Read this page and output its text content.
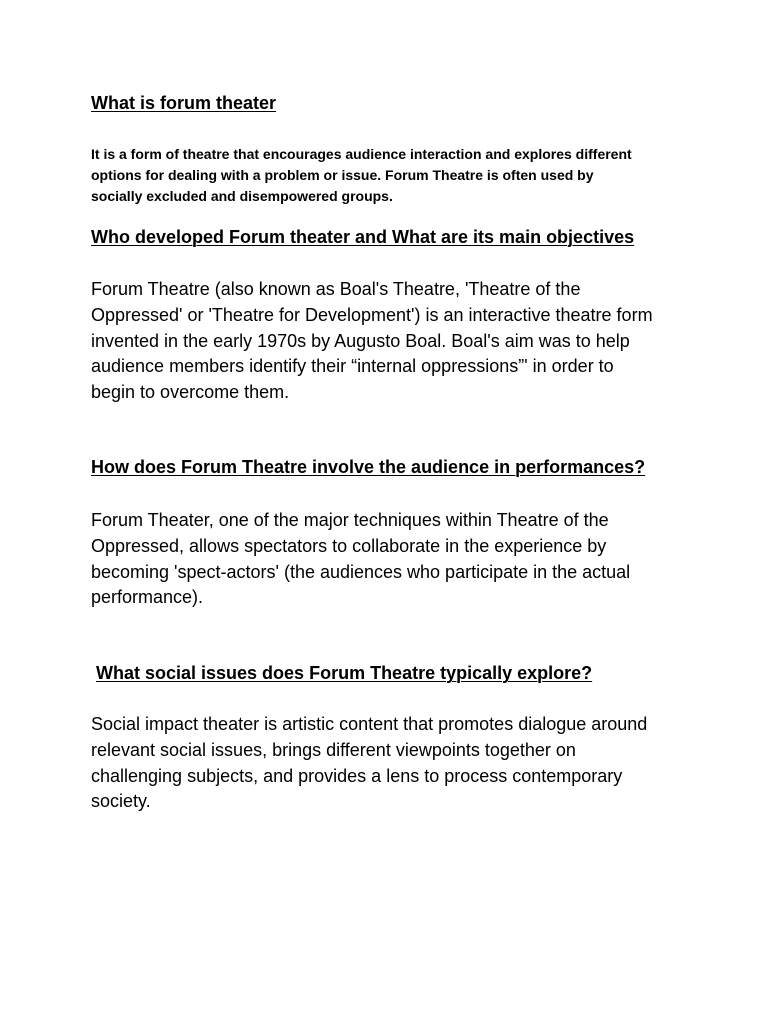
What is forum theater
It is a form of theatre that encourages audience interaction and explores different
options for dealing with a problem or issue. Forum Theatre is often used by
socially excluded and disempowered groups.
Who developed Forum theater and What are its main objectives
Forum Theatre (also known as Boal's Theatre, 'Theatre of the
Oppressed' or 'Theatre for Development') is an interactive theatre form
invented in the early 1970s by Augusto Boal. Boal's aim was to help
audience members identify their “internal oppressions”' in order to
begin to overcome them.
How does Forum Theatre involve the audience in performances?
Forum Theater, one of the major techniques within Theatre of the
Oppressed, allows spectators to collaborate in the experience by
becoming 'spect-actors' (the audiences who participate in the actual
performance).
What social issues does Forum Theatre typically explore?
Social impact theater is artistic content that promotes dialogue around
relevant social issues, brings different viewpoints together on
challenging subjects, and provides a lens to process contemporary
society.
